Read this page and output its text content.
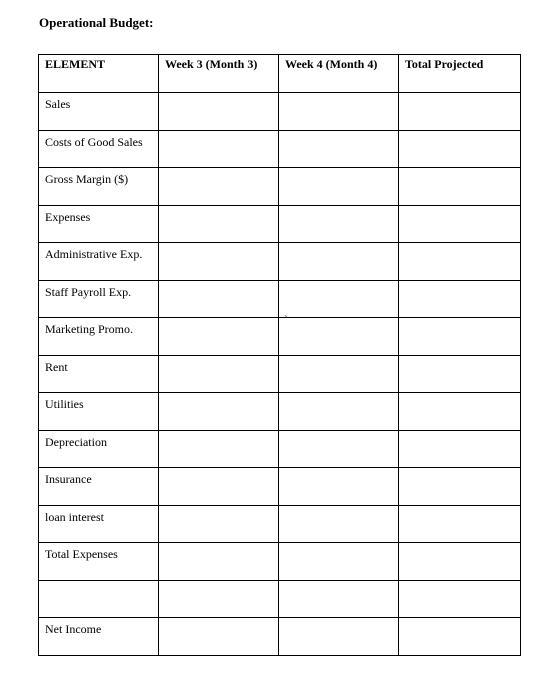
Operational Budget:
ELEMENT	Week 3 (Month 3)	Week 4 (Month 4)	Total Projected
Sales			
Costs of Good Sales			
Gross Margin ($)			
Expenses			
Administrative Exp.			
Staff Payroll Exp.			
Marketing Promo.			
Rent			
Utilities			
Depreciation			
Insurance			
loan interest			
Total Expenses			

Net Income			
`
